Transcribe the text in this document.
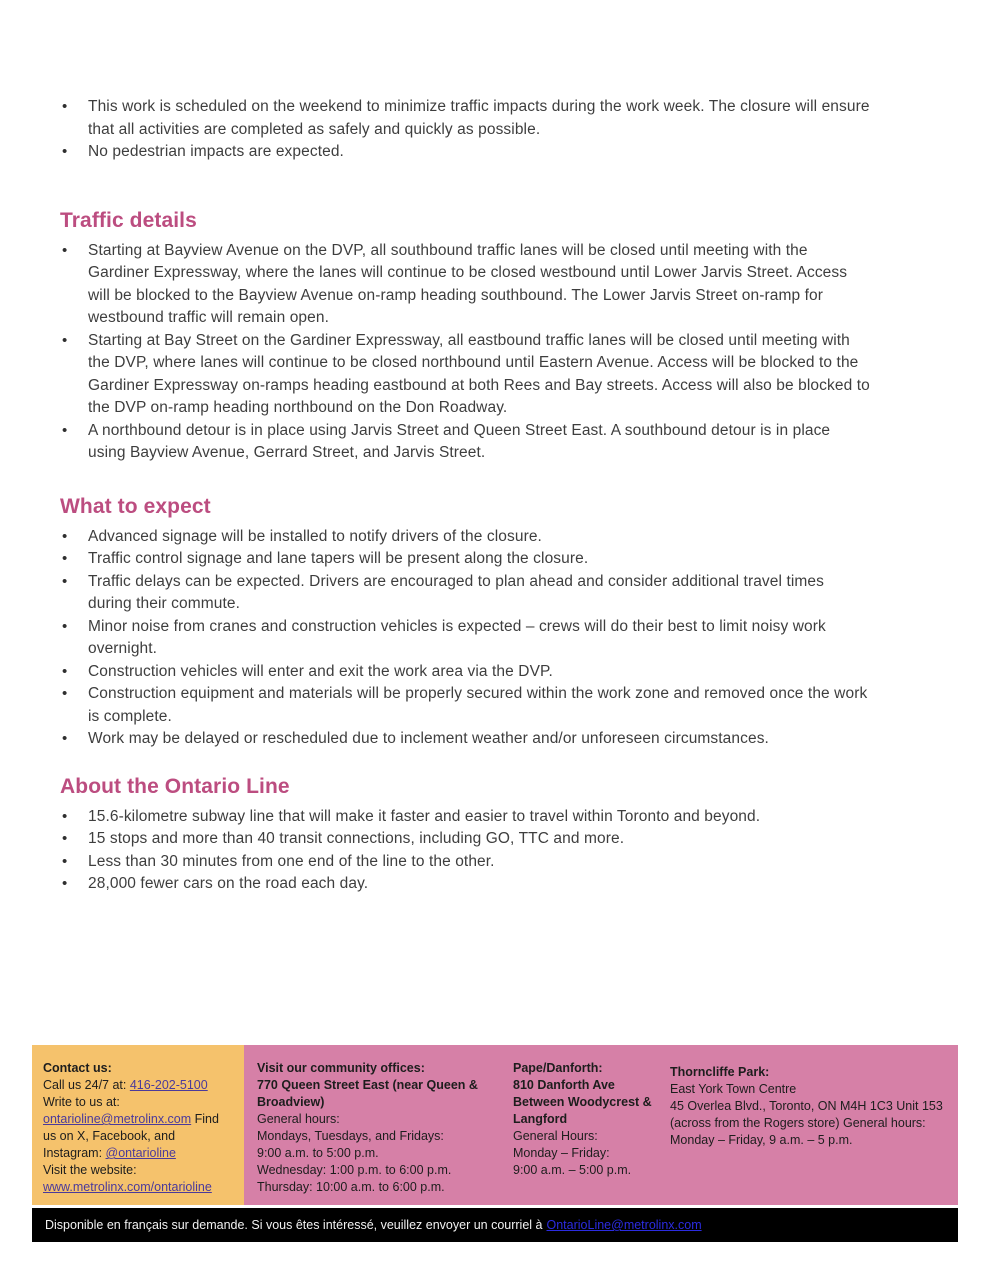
• This work is scheduled on the weekend to minimize traffic impacts during the work week. The closure will ensure that all activities are completed as safely and quickly as possible.
• No pedestrian impacts are expected.
Traffic details
• Starting at Bayview Avenue on the DVP, all southbound traffic lanes will be closed until meeting with the Gardiner Expressway, where the lanes will continue to be closed westbound until Lower Jarvis Street. Access will be blocked to the Bayview Avenue on-ramp heading southbound. The Lower Jarvis Street on-ramp for westbound traffic will remain open.
• Starting at Bay Street on the Gardiner Expressway, all eastbound traffic lanes will be closed until meeting with the DVP, where lanes will continue to be closed northbound until Eastern Avenue. Access will be blocked to the Gardiner Expressway on-ramps heading eastbound at both Rees and Bay streets. Access will also be blocked to the DVP on-ramp heading northbound on the Don Roadway.
• A northbound detour is in place using Jarvis Street and Queen Street East. A southbound detour is in place using Bayview Avenue, Gerrard Street, and Jarvis Street.
What to expect
• Advanced signage will be installed to notify drivers of the closure.
• Traffic control signage and lane tapers will be present along the closure.
• Traffic delays can be expected. Drivers are encouraged to plan ahead and consider additional travel times during their commute.
• Minor noise from cranes and construction vehicles is expected – crews will do their best to limit noisy work overnight.
• Construction vehicles will enter and exit the work area via the DVP.
• Construction equipment and materials will be properly secured within the work zone and removed once the work is complete.
• Work may be delayed or rescheduled due to inclement weather and/or unforeseen circumstances.
About the Ontario Line
• 15.6-kilometre subway line that will make it faster and easier to travel within Toronto and beyond.
• 15 stops and more than 40 transit connections, including GO, TTC and more.
• Less than 30 minutes from one end of the line to the other.
• 28,000 fewer cars on the road each day.
Contact us:
Call us 24/7 at: 416-202-5100
Write to us at: ontarioline@metrolinx.com Find us on X, Facebook, and Instagram: @ontarioline
Visit the website: www.metrolinx.com/ontarioline
Visit our community offices:
770 Queen Street East (near Queen & Broadview)
General hours:
Mondays, Tuesdays, and Fridays:
9:00 a.m. to 5:00 p.m.
Wednesday: 1:00 p.m. to 6:00 p.m.
Thursday: 10:00 a.m. to 6:00 p.m.
Pape/Danforth:
810 Danforth Ave Between Woodycrest & Langford
General Hours:
Monday – Friday:
9:00 a.m. – 5:00 p.m.
Thorncliffe Park:
East York Town Centre
45 Overlea Blvd., Toronto, ON M4H 1C3 Unit 153 (across from the Rogers store) General hours:
Monday – Friday, 9 a.m. – 5 p.m.
Disponible en français sur demande. Si vous êtes intéressé, veuillez envoyer un courriel à OntarioLine@metrolinx.com
